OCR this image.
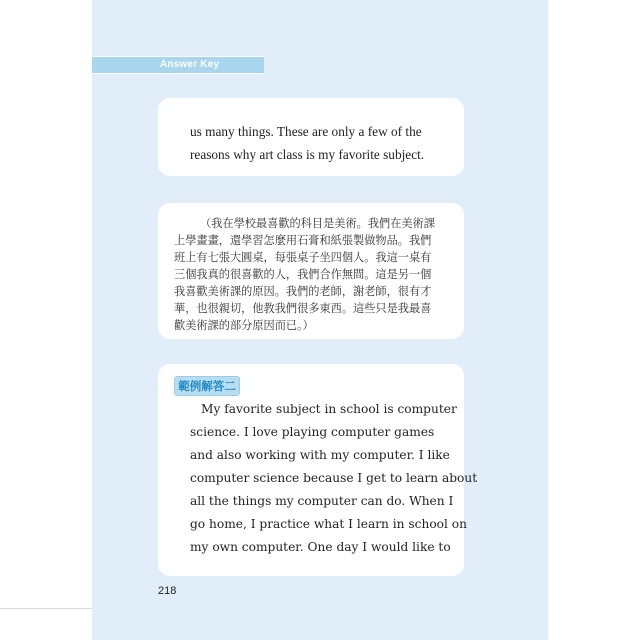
Answer Key
us many things. These are only a few of the
reasons why art class is my favorite subject.
（我在學校最喜歡的科目是美術。我們在美術課
上學畫畫，還學習怎麼用石膏和紙張製做物品。我們
班上有七張大圓桌，每張桌子坐四個人。我這一桌有
三個我真的很喜歡的人，我們合作無間。這是另一個
我喜歡美術課的原因。我們的老師，謝老師，很有才
華，也很親切，他教我們很多東西。這些只是我最喜
歡美術課的部分原因而已。）
範例解答二
My favorite subject in school is computer
science. I love playing computer games
and also working with my computer. I like
computer science because I get to learn about
all the things my computer can do. When I
go home, I practice what I learn in school on
my own computer. One day I would like to
218
